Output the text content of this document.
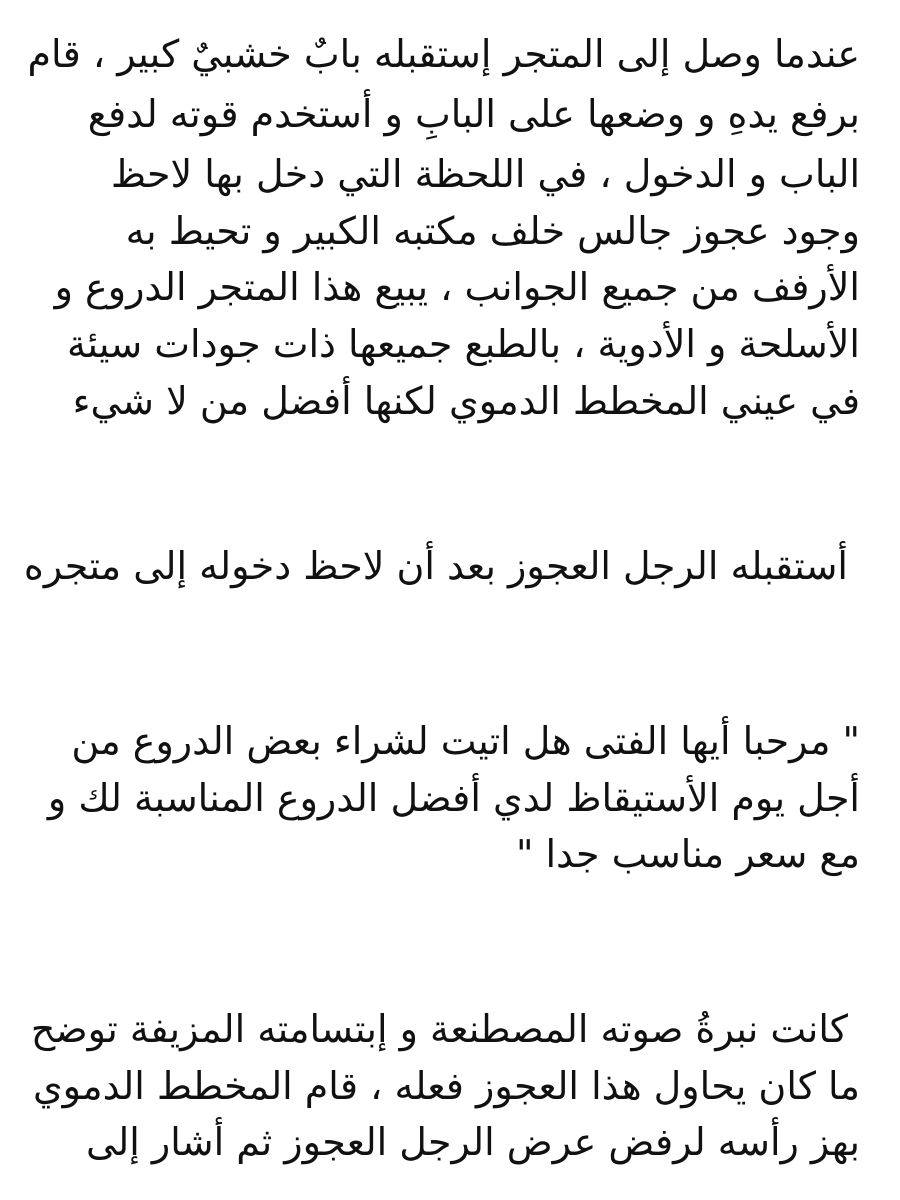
عندما وصل إلى المتجر إستقبله بابٌ خشبيٌ كبير ، قام
برفع يدهِ و وضعها على البابِ و أستخدم قوته لدفع
الباب و الدخول ، في اللحظة التي دخل بها لاحظ
وجود عجوز جالس خلف مكتبه الكبير و تحيط به
الأرفف من جميع الجوانب ، يبيع هذا المتجر الدروع و
الأسلحة و الأدوية ، بالطبع جميعها ذات جودات سيئة
في عيني المخطط الدموي لكنها أفضل من لا شيء
أستقبله الرجل العجوز بعد أن لاحظ دخوله إلى متجره
" مرحبا أيها الفتى هل اتيت لشراء بعض الدروع من
أجل يوم الأستيقاظ لدي أفضل الدروع المناسبة لك و
مع سعر مناسب جدا "
كانت نبرةُ صوته المصطنعة و إبتسامته المزيفة توضح
ما كان يحاول هذا العجوز فعله ، قام المخطط الدموي
بهز رأسه لرفض عرض الرجل العجوز ثم أشار إلى
